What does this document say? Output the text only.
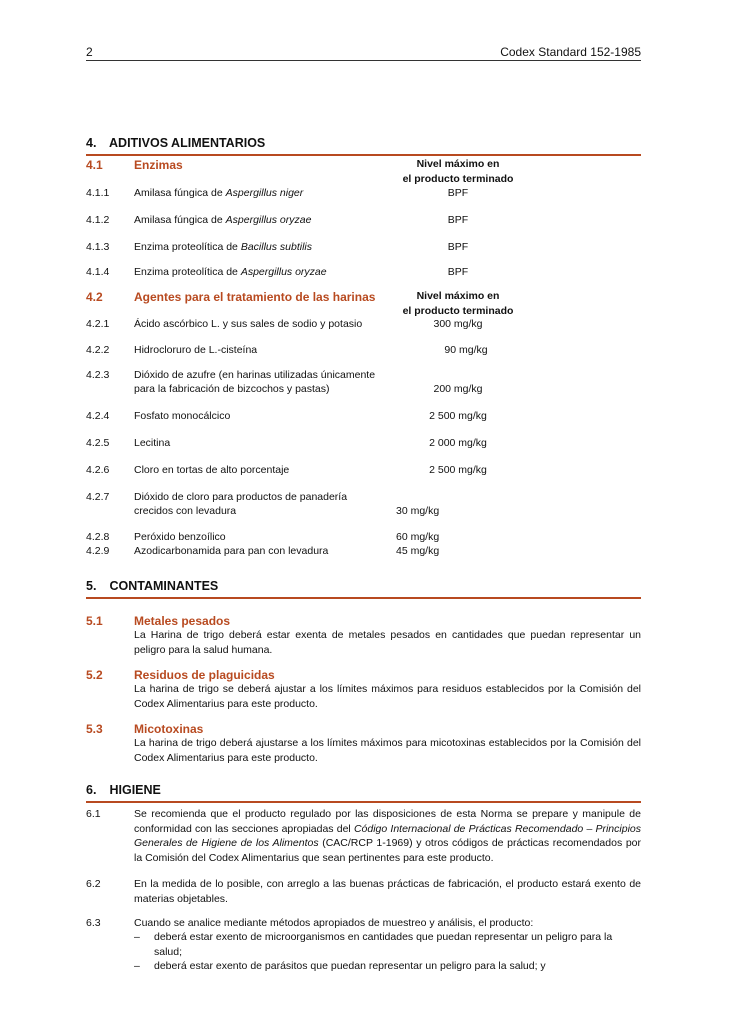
2	Codex Standard 152-1985
4. ADITIVOS ALIMENTARIOS
4.1	Enzimas	Nivel máximo en
el producto terminado
4.1.1	Amilasa fúngica de Aspergillus niger	BPF
4.1.2	Amilasa fúngica de Aspergillus oryzae	BPF
4.1.3	Enzima proteolítica de Bacillus subtilis	BPF
4.1.4	Enzima proteolítica de Aspergillus oryzae	BPF
4.2	Agentes para el tratamiento de las harinas	Nivel máximo en
el producto terminado
4.2.1	Ácido ascórbico L. y sus sales de sodio y potasio	300 mg/kg
4.2.2	Hidrocloruro de L.-cisteína	90 mg/kg
4.2.3	Dióxido de azufre (en harinas utilizadas únicamente
para la fabricación de bizcochos y pastas)	200 mg/kg
4.2.4	Fosfato monocálcico	2 500 mg/kg
4.2.5	Lecitina	2 000 mg/kg
4.2.6	Cloro en tortas de alto porcentaje	2 500 mg/kg
4.2.7	Dióxido de cloro para productos de panadería
crecidos con levadura	30 mg/kg
4.2.8	Peróxido benzoílico	60 mg/kg
4.2.9	Azodicarbonamida para pan con levadura	45 mg/kg
5. CONTAMINANTES
5.1	Metales pesados
La Harina de trigo deberá estar exenta de metales pesados en cantidades que puedan representar un peligro para la salud humana.
5.2	Residuos de plaguicidas
La harina de trigo se deberá ajustar a los límites máximos para residuos establecidos por la Comisión del Codex Alimentarius para este producto.
5.3	Micotoxinas
La harina de trigo deberá ajustarse a los límites máximos para micotoxinas establecidos por la Comisión del Codex Alimentarius para este producto.
6. HIGIENE
6.1	Se recomienda que el producto regulado por las disposiciones de esta Norma se prepare y manipule de conformidad con las secciones apropiadas del Código Internacional de Prácticas Recomendado – Principios Generales de Higiene de los Alimentos (CAC/RCP 1-1969) y otros códigos de prácticas recomendados por la Comisión del Codex Alimentarius que sean pertinentes para este producto.
6.2	En la medida de lo posible, con arreglo a las buenas prácticas de fabricación, el producto estará exento de materias objetables.
6.3	Cuando se analice mediante métodos apropiados de muestreo y análisis, el producto:
– deberá estar exento de microorganismos en cantidades que puedan representar un peligro para la salud;
– deberá estar exento de parásitos que puedan representar un peligro para la salud; y
